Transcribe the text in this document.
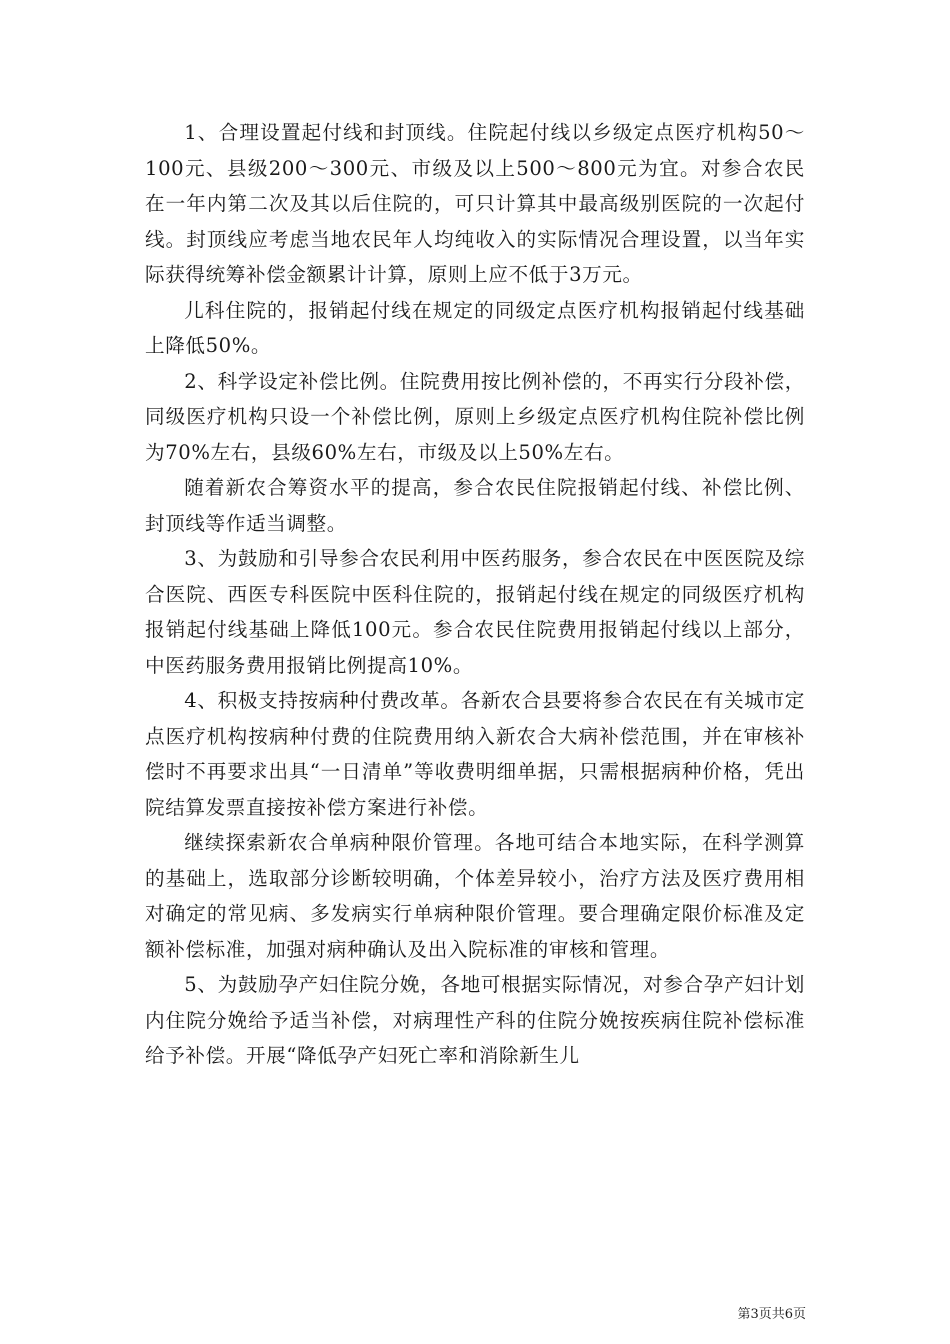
1、合理设置起付线和封顶线。住院起付线以乡级定点医疗机构50～100元、县级200～300元、市级及以上500～800元为宜。对参合农民在一年内第二次及其以后住院的，可只计算其中最高级别医院的一次起付线。封顶线应考虑当地农民年人均纯收入的实际情况合理设置，以当年实际获得统筹补偿金额累计计算，原则上应不低于3万元。

儿科住院的，报销起付线在规定的同级定点医疗机构报销起付线基础上降低50%。

2、科学设定补偿比例。住院费用按比例补偿的，不再实行分段补偿，同级医疗机构只设一个补偿比例，原则上乡级定点医疗机构住院补偿比例为70%左右，县级60%左右，市级及以上50%左右。

随着新农合筹资水平的提高，参合农民住院报销起付线、补偿比例、封顶线等作适当调整。

3、为鼓励和引导参合农民利用中医药服务，参合农民在中医医院及综合医院、西医专科医院中医科住院的，报销起付线在规定的同级医疗机构报销起付线基础上降低100元。参合农民住院费用报销起付线以上部分，中医药服务费用报销比例提高10%。

4、积极支持按病种付费改革。各新农合县要将参合农民在有关城市定点医疗机构按病种付费的住院费用纳入新农合大病补偿范围，并在审核补偿时不再要求出具“一日清单”等收费明细单据，只需根据病种价格，凭出院结算发票直接按补偿方案进行补偿。

继续探索新农合单病种限价管理。各地可结合本地实际，在科学测算的基础上，选取部分诊断较明确，个体差异较小，治疗方法及医疗费用相对确定的常见病、多发病实行单病种限价管理。要合理确定限价标准及定额补偿标准，加强对病种确认及出入院标准的审核和管理。

5、为鼓励孕产妇住院分娩，各地可根据实际情况，对参合孕产妇计划内住院分娩给予适当补偿，对病理性产科的住院分娩按疾病住院补偿标准给予补偿。开展“降低孕产妇死亡率和消除新生儿

第3页共6页
